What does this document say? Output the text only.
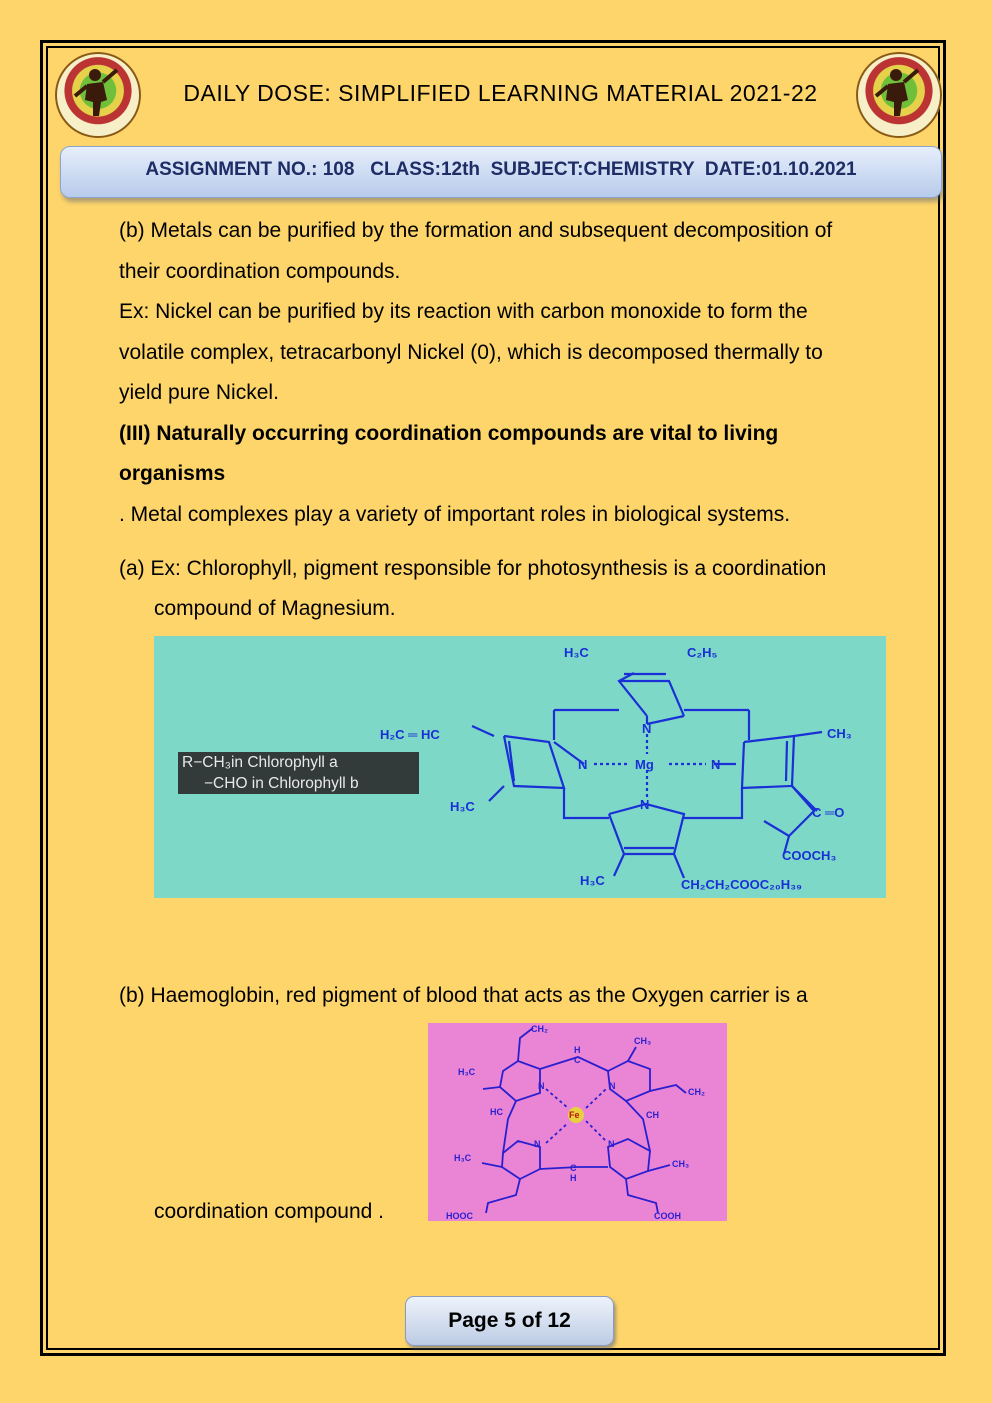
DAILY DOSE: SIMPLIFIED LEARNING MATERIAL 2021-22
ASSIGNMENT NO.: 108   CLASS:12th  SUBJECT:CHEMISTRY  DATE:01.10.2021
(b) Metals can be purified by the formation and subsequent decomposition of
their coordination compounds.
Ex: Nickel can be purified by its reaction with carbon monoxide to form the
volatile complex, tetracarbonyl Nickel (0), which is decomposed thermally to
yield pure Nickel.
(III) Naturally occurring coordination compounds are vital to living
organisms
. Metal complexes play a variety of important roles in biological systems.
(a) Ex: Chlorophyll, pigment responsible for photosynthesis is a coordination
compound of Magnesium.
R−CH₃in Chlorophyll a
−CHO in Chlorophyll b
H₃C	C₂H₅
H₂C ═ HC	CH₃
N
N	Mg	N
N
H₃C	C ═O
COOCH₃
H₃C	CH₂CH₂COOC₂₀H₃₉
(b) Haemoglobin, red pigment of blood that acts as the Oxygen carrier is a
coordination compound .
CH₂
H
C
CH₃
H₃C
CH₂
HC	Fe	CH
H₃C
CH₃
C
H
HOOC	COOH
N	N
N	N
Page 5 of 12
